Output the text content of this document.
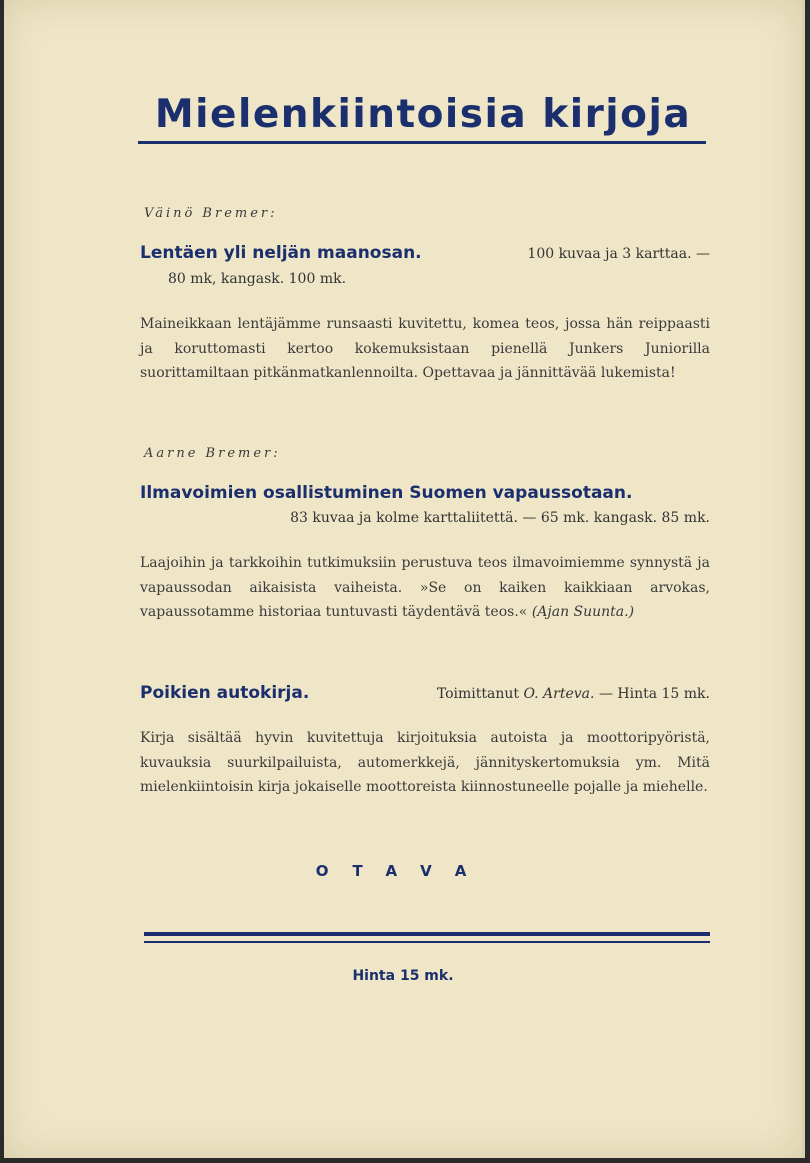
Mielenkiintoisia kirjoja
Väinö Bremer:
Lentäen yli neljän maanosan.	100 kuvaa ja 3 karttaa. —
80 mk, kangask. 100 mk.
Maineikkaan lentäjämme runsaasti kuvitettu, komea teos, jossa hän reippaasti ja koruttomasti kertoo kokemuksistaan pienellä Junkers Juniorilla suorittamiltaan pitkänmatkanlennoilta. Opettavaa ja jännittävää lukemista!
Aarne Bremer:
Ilmavoimien osallistuminen Suomen vapaussotaan.
83 kuvaa ja kolme karttaliitettä. — 65 mk. kangask. 85 mk.
Laajoihin ja tarkkoihin tutkimuksiin perustuva teos ilmavoimiemme synnystä ja vapaussodan aikaisista vaiheista. »Se on kaiken kaikkiaan arvokas, vapaussotamme historiaa tuntuvasti täydentävä teos.« (Ajan Suunta.)
Poikien autokirja.	Toimittanut O. Arteva. — Hinta 15 mk.
Kirja sisältää hyvin kuvitettuja kirjoituksia autoista ja moottoripyöristä, kuvauksia suurkilpailuista, automerkkejä, jännityskertomuksia ym. Mitä mielenkiintoisin kirja jokaiselle moottoreista kiinnostuneelle pojalle ja miehelle.
OTAVA
Hinta 15 mk.
